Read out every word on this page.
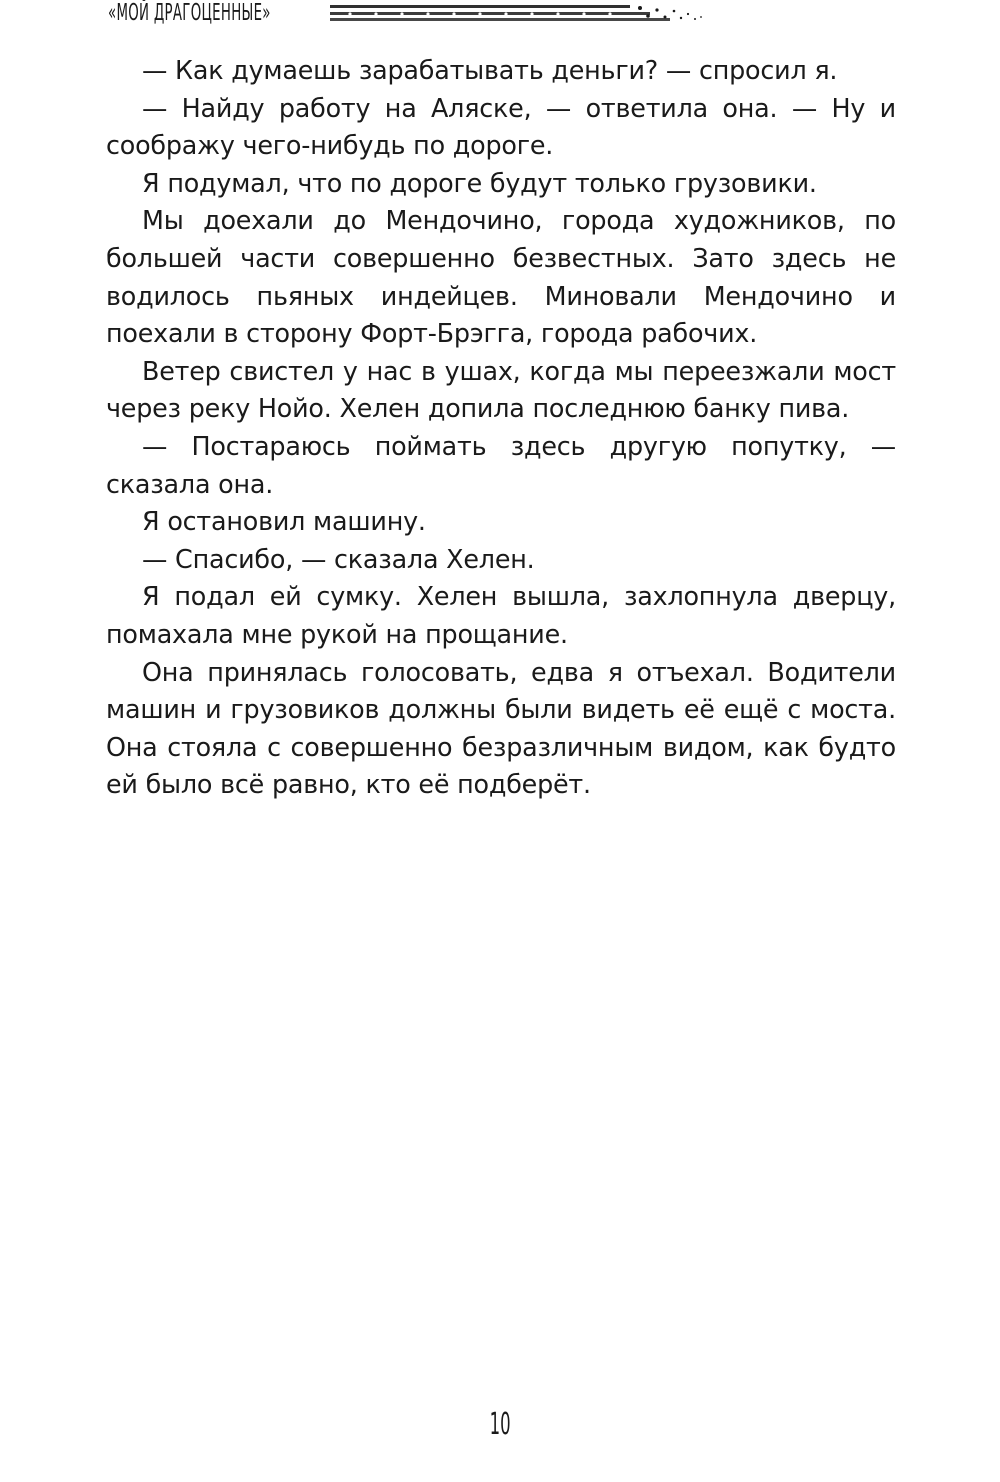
«МОЙ ДРАГОЦЕННЫЕ»

— Как думаешь зарабатывать деньги? — спросил я.

— Найду работу на Аляске, — ответила она. — Ну и соображу чего-нибудь по дороге.

Я подумал, что по дороге будут только грузовики.

Мы доехали до Мендочино, города художников, по большей части совершенно безвестных. Зато здесь не водилось пьяных индейцев. Миновали Мендочино и поехали в сторону Форт-Брэгга, города рабочих.

Ветер свистел у нас в ушах, когда мы переезжали мост через реку Нойо. Хелен допила последнюю банку пива.

— Постараюсь поймать здесь другую попутку, — сказала она.

Я остановил машину.

— Спасибо, — сказала Хелен.

Я подал ей сумку. Хелен вышла, захлопнула дверцу, помахала мне рукой на прощание.

Она принялась голосовать, едва я отъехал. Водители машин и грузовиков должны были видеть её ещё с моста. Она стояла с совершенно безразличным видом, как будто ей было всё равно, кто её подберёт.

10
